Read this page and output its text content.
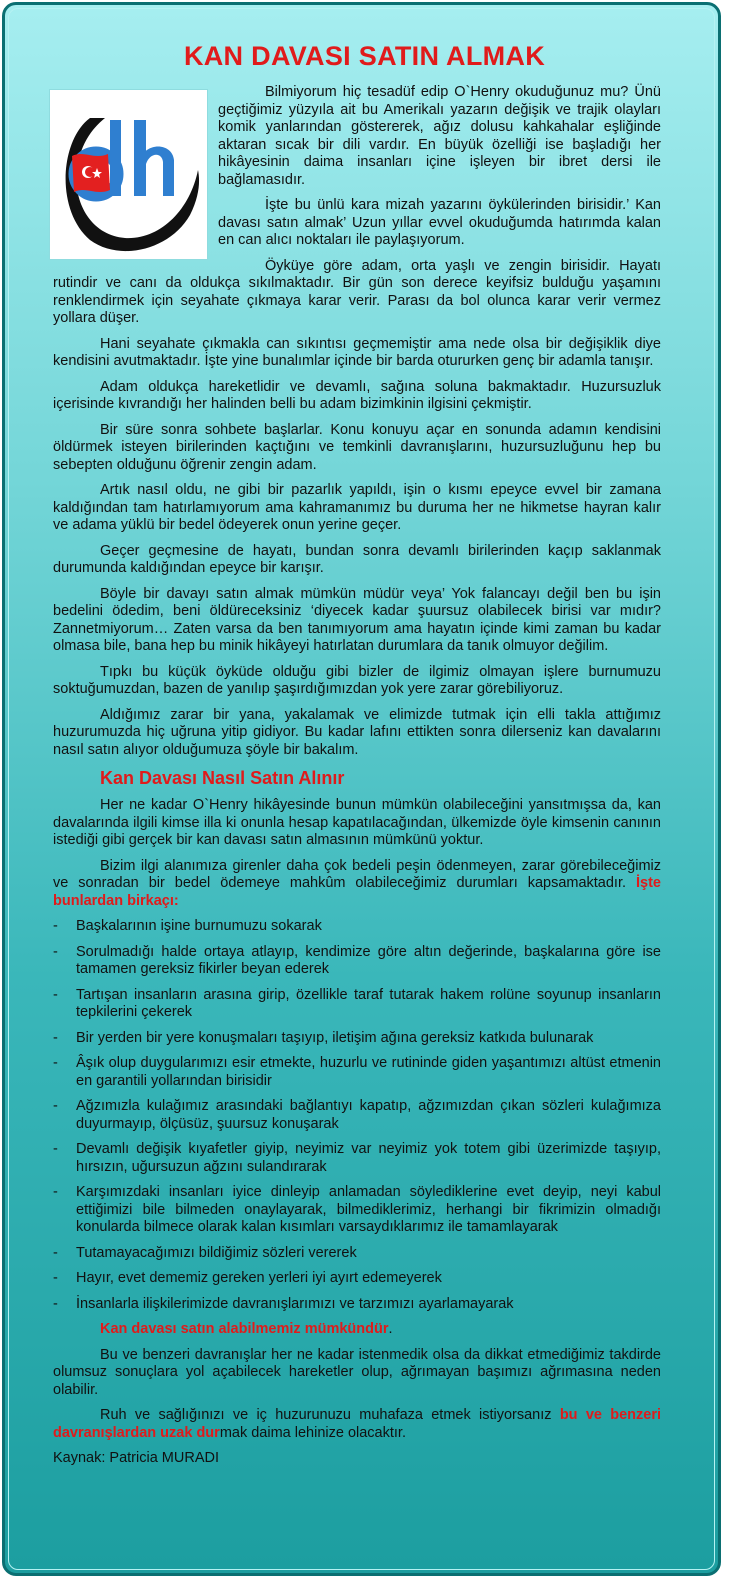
KAN DAVASI SATIN ALMAK

Bilmiyorum hiç tesadüf edip O`Henry okuduğunuz mu? Ünü geçtiğimiz yüzyıla ait bu Amerikalı yazarın değişik ve trajik olayları komik yanlarından göstererek, ağız dolusu kahkahalar eşliğinde aktaran sıcak bir dili vardır. En büyük özelliği ise başladığı her hikâyesinin daima insanları içine işleyen bir ibret dersi ile bağlamasıdır.

İşte bu ünlü kara mizah yazarını öykülerinden birisidir.’ Kan davası satın almak’ Uzun yıllar evvel okuduğumda hatırımda kalan en can alıcı noktaları ile paylaşıyorum.

Öyküye göre adam, orta yaşlı ve zengin birisidir. Hayatı rutindir ve canı da oldukça sıkılmaktadır. Bir gün son derece keyifsiz bulduğu yaşamını renklendirmek için seyahate çıkmaya karar verir. Parası da bol olunca karar verir vermez yollara düşer.

Hani seyahate çıkmakla can sıkıntısı geçmemiştir ama nede olsa bir değişiklik diye kendisini avutmaktadır. İşte yine bunalımlar içinde bir barda otururken genç bir adamla tanışır.

Adam oldukça hareketlidir ve devamlı, sağına soluna bakmaktadır. Huzursuzluk içerisinde kıvrandığı her halinden belli bu adam bizimkinin ilgisini çekmiştir.

Bir süre sonra sohbete başlarlar. Konu konuyu açar en sonunda adamın kendisini öldürmek isteyen birilerinden kaçtığını ve temkinli davranışlarını, huzursuzluğunu hep bu sebepten olduğunu öğrenir zengin adam.

Artık nasıl oldu, ne gibi bir pazarlık yapıldı, işin o kısmı epeyce evvel bir zamana kaldığından tam hatırlamıyorum ama kahramanımız bu duruma her ne hikmetse hayran kalır ve adama yüklü bir bedel ödeyerek onun yerine geçer.

Geçer geçmesine de hayatı, bundan sonra devamlı birilerinden kaçıp saklanmak durumunda kaldığından epeyce bir karışır.

Böyle bir davayı satın almak mümkün müdür veya’ Yok falancayı değil ben bu işin bedelini ödedim, beni öldüreceksiniz ‘diyecek kadar şuursuz olabilecek birisi var mıdır? Zannetmiyorum… Zaten varsa da ben tanımıyorum ama hayatın içinde kimi zaman bu kadar olmasa bile, bana hep bu minik hikâyeyi hatırlatan durumlara da tanık olmuyor değilim.

Tıpkı bu küçük öyküde olduğu gibi bizler de ilgimiz olmayan işlere burnumuzu soktuğumuzdan, bazen de yanılıp şaşırdığımızdan yok yere zarar görebiliyoruz.

Aldığımız zarar bir yana, yakalamak ve elimizde tutmak için elli takla attığımız huzurumuzda hiç uğruna yitip gidiyor. Bu kadar lafını ettikten sonra dilerseniz kan davalarını nasıl satın alıyor olduğumuza şöyle bir bakalım.

Kan Davası Nasıl Satın Alınır

Her ne kadar O`Henry hikâyesinde bunun mümkün olabileceğini yansıtmışsa da, kan davalarında ilgili kimse illa ki onunla hesap kapatılacağından, ülkemizde öyle kimsenin canının istediği gibi gerçek bir kan davası satın almasının mümkünü yoktur.

Bizim ilgi alanımıza girenler daha çok bedeli peşin ödenmeyen, zarar görebileceğimiz ve sonradan bir bedel ödemeye mahkûm olabileceğimiz durumları kapsamaktadır. İşte bunlardan birkaçı:

- Başkalarının işine burnumuzu sokarak
- Sorulmadığı halde ortaya atlayıp, kendimize göre altın değerinde, başkalarına göre ise tamamen gereksiz fikirler beyan ederek
- Tartışan insanların arasına girip, özellikle taraf tutarak hakem rolüne soyunup insanların tepkilerini çekerek
- Bir yerden bir yere konuşmaları taşıyıp, iletişim ağına gereksiz katkıda bulunarak
- Âşık olup duygularımızı esir etmekte, huzurlu ve rutininde giden yaşantımızı altüst etmenin en garantili yollarından birisidir
- Ağzımızla kulağımız arasındaki bağlantıyı kapatıp, ağzımızdan çıkan sözleri kulağımıza duyurmayıp, ölçüsüz, şuursuz konuşarak
- Devamlı değişik kıyafetler giyip, neyimiz var neyimiz yok totem gibi üzerimizde taşıyıp, hırsızın, uğursuzun ağzını sulandırarak
- Karşımızdaki insanları iyice dinleyip anlamadan söylediklerine evet deyip, neyi kabul ettiğimizi bile bilmeden onaylayarak, bilmediklerimiz, herhangi bir fikrimizin olmadığı konularda bilmece olarak kalan kısımları varsaydıklarımız ile tamamlayarak
- Tutamayacağımızı bildiğimiz sözleri vererek
- Hayır, evet dememiz gereken yerleri iyi ayırt edemeyerek
- İnsanlarla ilişkilerimizde davranışlarımızı ve tarzımızı ayarlamayarak

Kan davası satın alabilmemiz mümkündür.

Bu ve benzeri davranışlar her ne kadar istenmedik olsa da dikkat etmediğimiz takdirde olumsuz sonuçlara yol açabilecek hareketler olup, ağrımayan başımızı ağrımasına neden olabilir.

Ruh ve sağlığınızı ve iç huzurunuzu muhafaza etmek istiyorsanız bu ve benzeri davranışlardan uzak durmak daima lehinize olacaktır.

Kaynak: Patricia MURADI
